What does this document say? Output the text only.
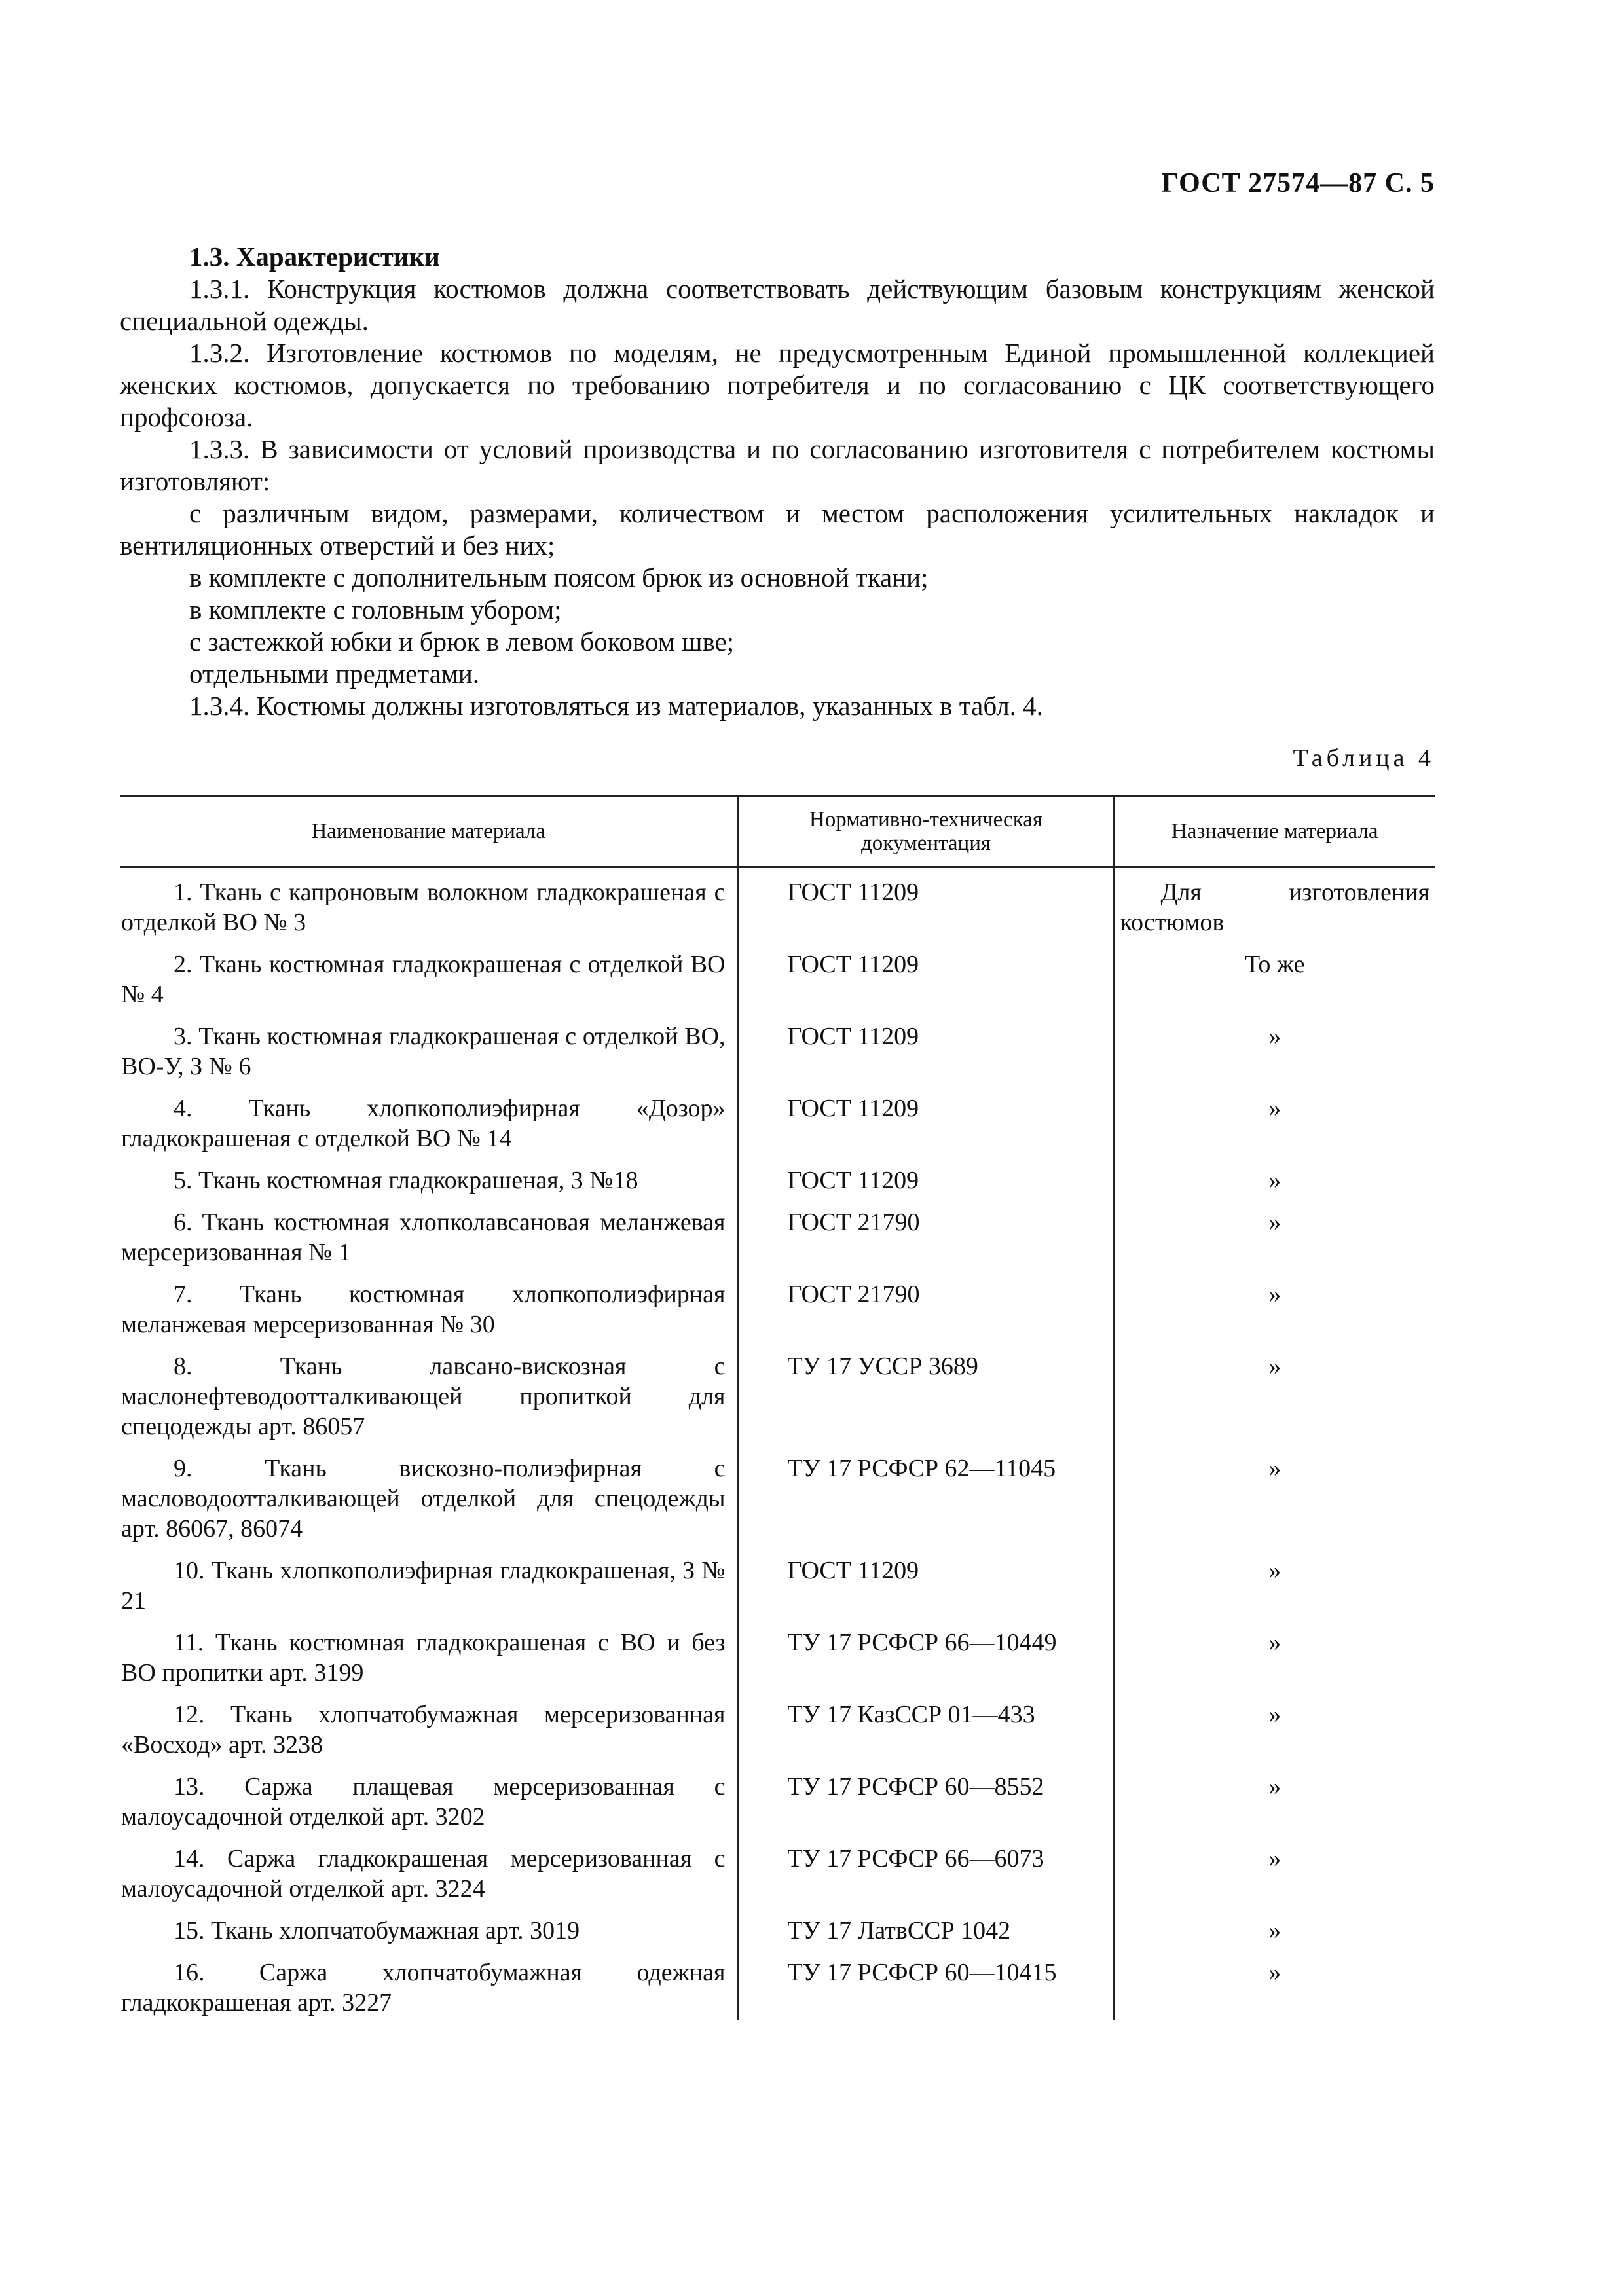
ГОСТ 27574—87 С. 5

1.3. Характеристики

1.3.1. Конструкция костюмов должна соответствовать действующим базовым конструкциям женской специальной одежды.

1.3.2. Изготовление костюмов по моделям, не предусмотренным Единой промышленной коллекцией женских костюмов, допускается по требованию потребителя и по согласованию с ЦК соответствующего профсоюза.

1.3.3. В зависимости от условий производства и по согласованию изготовителя с потребителем костюмы изготовляют:

с различным видом, размерами, количеством и местом расположения усилительных накладок и вентиляционных отверстий и без них;

в комплекте с дополнительным поясом брюк из основной ткани;

в комплекте с головным убором;

с застежкой юбки и брюк в левом боковом шве;

отдельными предметами.

1.3.4. Костюмы должны изготовляться из материалов, указанных в табл. 4.

Таблица 4
Наименование материала	Нормативно-техническая документация	Назначение материала
1. Ткань с капроновым волокном гладкокрашеная с отделкой ВО № 3	ГОСТ 11209	Для изготовления костюмов
2. Ткань костюмная гладкокрашеная с отделкой ВО № 4	ГОСТ 11209	То же
3. Ткань костюмная гладкокрашеная с отделкой ВО, ВО-У, З № 6	ГОСТ 11209	»
4. Ткань хлопкополиэфирная «Дозор» гладкокрашеная с отделкой ВО № 14	ГОСТ 11209	»
5. Ткань костюмная гладкокрашеная, З №18	ГОСТ 11209	»
6. Ткань костюмная хлопколавсановая меланжевая мерсеризованная № 1	ГОСТ 21790	»
7. Ткань костюмная хлопкополиэфирная меланжевая мерсеризованная № 30	ГОСТ 21790	»
8. Ткань лавсано-вискозная с маслонефтеводоотталкивающей пропиткой для спецодежды арт. 86057	ТУ 17 УССР 3689	»
9. Ткань вискозно-полиэфирная с масловодоотталкивающей отделкой для спецодежды арт. 86067, 86074	ТУ 17 РСФСР 62—11045	»
10. Ткань хлопкополиэфирная гладкокрашеная, З № 21	ГОСТ 11209	»
11. Ткань костюмная гладкокрашеная с ВО и без ВО пропитки арт. 3199	ТУ 17 РСФСР 66—10449	»
12. Ткань хлопчатобумажная мерсеризованная «Восход» арт. 3238	ТУ 17 КазССР 01—433	»
13. Саржа плащевая мерсеризованная с малоусадочной отделкой арт. 3202	ТУ 17 РСФСР 60—8552	»
14. Саржа гладкокрашеная мерсеризованная с малоусадочной отделкой арт. 3224	ТУ 17 РСФСР 66—6073	»
15. Ткань хлопчатобумажная арт. 3019	ТУ 17 ЛатвССР 1042	»
16. Саржа хлопчатобумажная одежная гладкокрашеная арт. 3227	ТУ 17 РСФСР 60—10415	»
